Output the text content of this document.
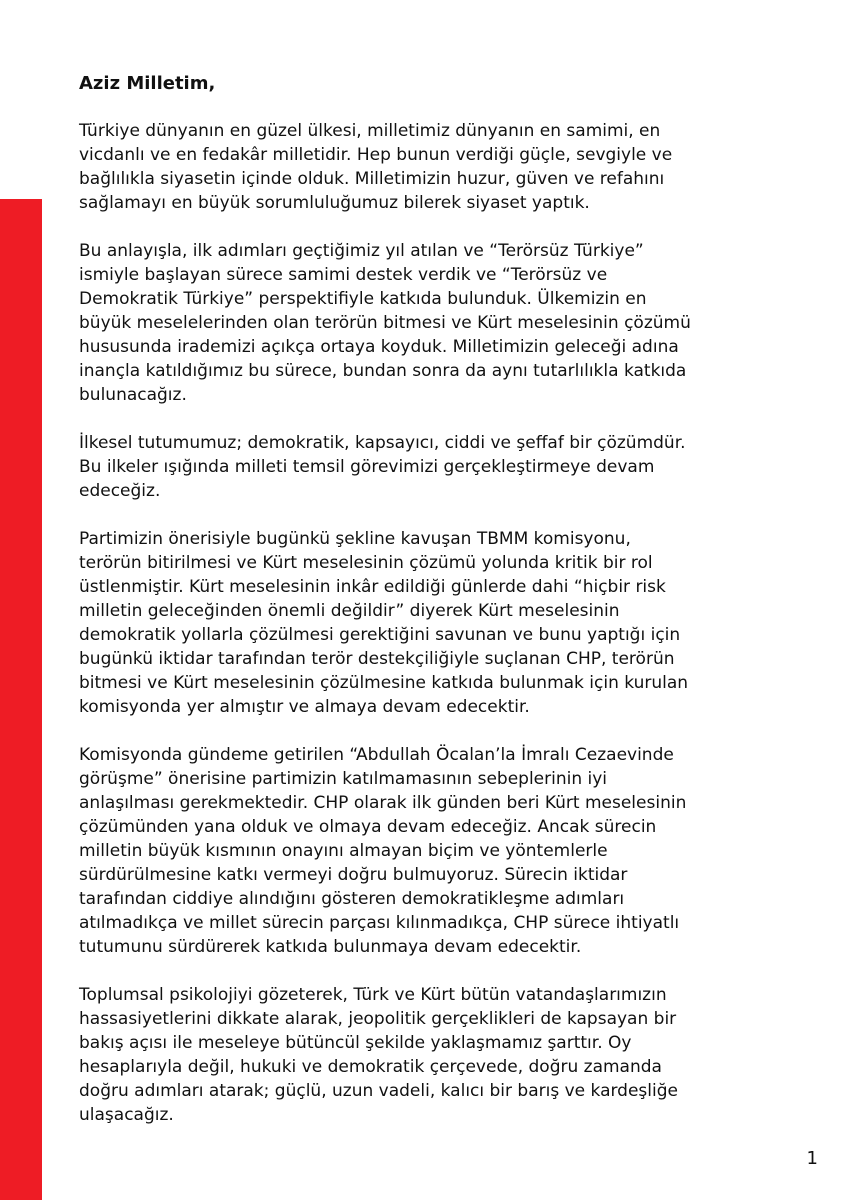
Aziz Milletim,

Türkiye dünyanın en güzel ülkesi, milletimiz dünyanın en samimi, en
vicdanlı ve en fedakâr milletidir. Hep bunun verdiği güçle, sevgiyle ve
bağlılıkla siyasetin içinde olduk. Milletimizin huzur, güven ve refahını
sağlamayı en büyük sorumluluğumuz bilerek siyaset yaptık.

Bu anlayışla, ilk adımları geçtiğimiz yıl atılan ve “Terörsüz Türkiye”
ismiyle başlayan sürece samimi destek verdik ve “Terörsüz ve
Demokratik Türkiye” perspektifiyle katkıda bulunduk. Ülkemizin en
büyük meselelerinden olan terörün bitmesi ve Kürt meselesinin çözümü
hususunda irademizi açıkça ortaya koyduk. Milletimizin geleceği adına
inançla katıldığımız bu sürece, bundan sonra da aynı tutarlılıkla katkıda
bulunacağız.

İlkesel tutumumuz; demokratik, kapsayıcı, ciddi ve şeffaf bir çözümdür.
Bu ilkeler ışığında milleti temsil görevimizi gerçekleştirmeye devam
edeceğiz.

Partimizin önerisiyle bugünkü şekline kavuşan TBMM komisyonu,
terörün bitirilmesi ve Kürt meselesinin çözümü yolunda kritik bir rol
üstlenmiştir. Kürt meselesinin inkâr edildiği günlerde dahi “hiçbir risk
milletin geleceğinden önemli değildir” diyerek Kürt meselesinin
demokratik yollarla çözülmesi gerektiğini savunan ve bunu yaptığı için
bugünkü iktidar tarafından terör destekçiliğiyle suçlanan CHP, terörün
bitmesi ve Kürt meselesinin çözülmesine katkıda bulunmak için kurulan
komisyonda yer almıştır ve almaya devam edecektir.

Komisyonda gündeme getirilen “Abdullah Öcalan’la İmralı Cezaevinde
görüşme” önerisine partimizin katılmamasının sebeplerinin iyi
anlaşılması gerekmektedir. CHP olarak ilk günden beri Kürt meselesinin
çözümünden yana olduk ve olmaya devam edeceğiz. Ancak sürecin
milletin büyük kısmının onayını almayan biçim ve yöntemlerle
sürdürülmesine katkı vermeyi doğru bulmuyoruz. Sürecin iktidar
tarafından ciddiye alındığını gösteren demokratikleşme adımları
atılmadıkça ve millet sürecin parçası kılınmadıkça, CHP sürece ihtiyatlı
tutumunu sürdürerek katkıda bulunmaya devam edecektir.

Toplumsal psikolojiyi gözeterek, Türk ve Kürt bütün vatandaşlarımızın
hassasiyetlerini dikkate alarak, jeopolitik gerçeklikleri de kapsayan bir
bakış açısı ile meseleye bütüncül şekilde yaklaşmamız şarttır. Oy
hesaplarıyla değil, hukuki ve demokratik çerçevede, doğru zamanda
doğru adımları atarak; güçlü, uzun vadeli, kalıcı bir barış ve kardeşliğe
ulaşacağız.

1
